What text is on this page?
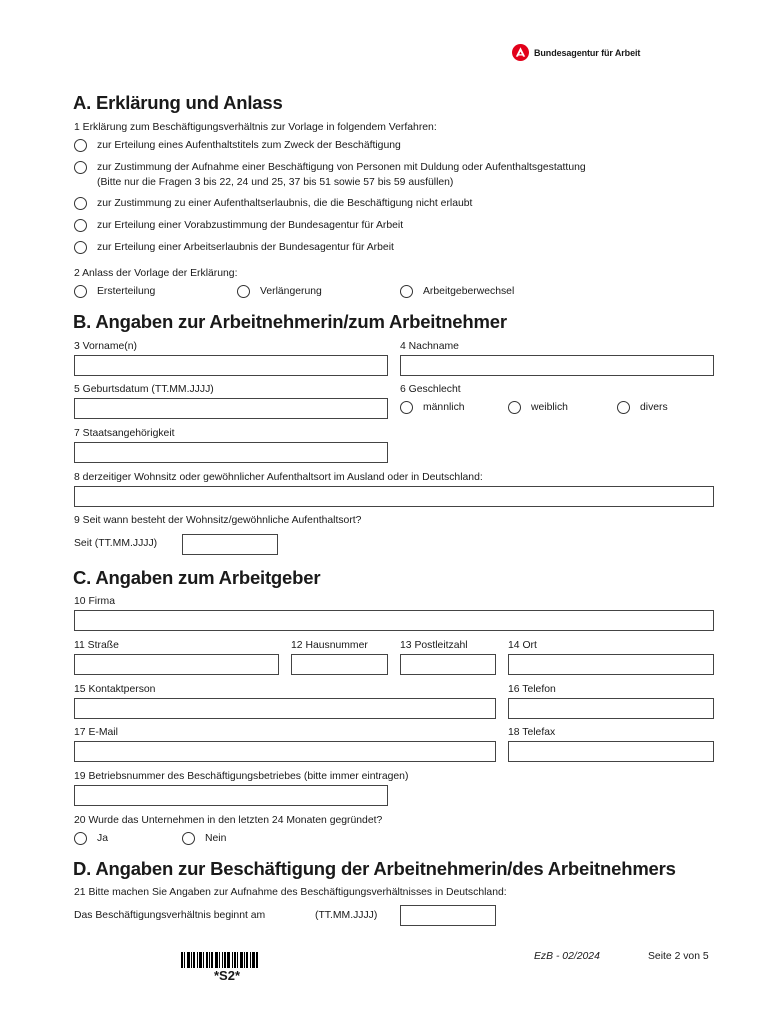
Bundesagentur für Arbeit
A. Erklärung und Anlass
1 Erklärung zum Beschäftigungsverhältnis zur Vorlage in folgendem Verfahren:
zur Erteilung eines Aufenthaltstitels zum Zweck der Beschäftigung
zur Zustimmung der Aufnahme einer Beschäftigung von Personen mit Duldung oder Aufenthaltsgestattung
(Bitte nur die Fragen 3 bis 22, 24 und 25, 37 bis 51 sowie 57 bis 59 ausfüllen)
zur Zustimmung zu einer Aufenthaltserlaubnis, die die Beschäftigung nicht erlaubt
zur Erteilung einer Vorabzustimmung der Bundesagentur für Arbeit
zur Erteilung einer Arbeitserlaubnis der Bundesagentur für Arbeit
2 Anlass der Vorlage der Erklärung:
Ersterteilung	Verlängerung	Arbeitgeberwechsel
B. Angaben zur Arbeitnehmerin/zum Arbeitnehmer
3 Vorname(n)	4 Nachname
5 Geburtsdatum (TT.MM.JJJJ)	6 Geschlecht
männlich	weiblich	divers
7 Staatsangehörigkeit
8 derzeitiger Wohnsitz oder gewöhnlicher Aufenthaltsort im Ausland oder in Deutschland:
9 Seit wann besteht der Wohnsitz/gewöhnliche Aufenthaltsort?
Seit (TT.MM.JJJJ)
C. Angaben zum Arbeitgeber
10 Firma
11 Straße	12 Hausnummer	13 Postleitzahl	14 Ort
15 Kontaktperson	16 Telefon
17 E-Mail	18 Telefax
19 Betriebsnummer des Beschäftigungsbetriebes (bitte immer eintragen)
20 Wurde das Unternehmen in den letzten 24 Monaten gegründet?
Ja	Nein
D. Angaben zur Beschäftigung der Arbeitnehmerin/des Arbeitnehmers
21 Bitte machen Sie Angaben zur Aufnahme des Beschäftigungsverhältnisses in Deutschland:
Das Beschäftigungsverhältnis beginnt am	(TT.MM.JJJJ)
*S2*
EzB - 02/2024	Seite 2 von 5
